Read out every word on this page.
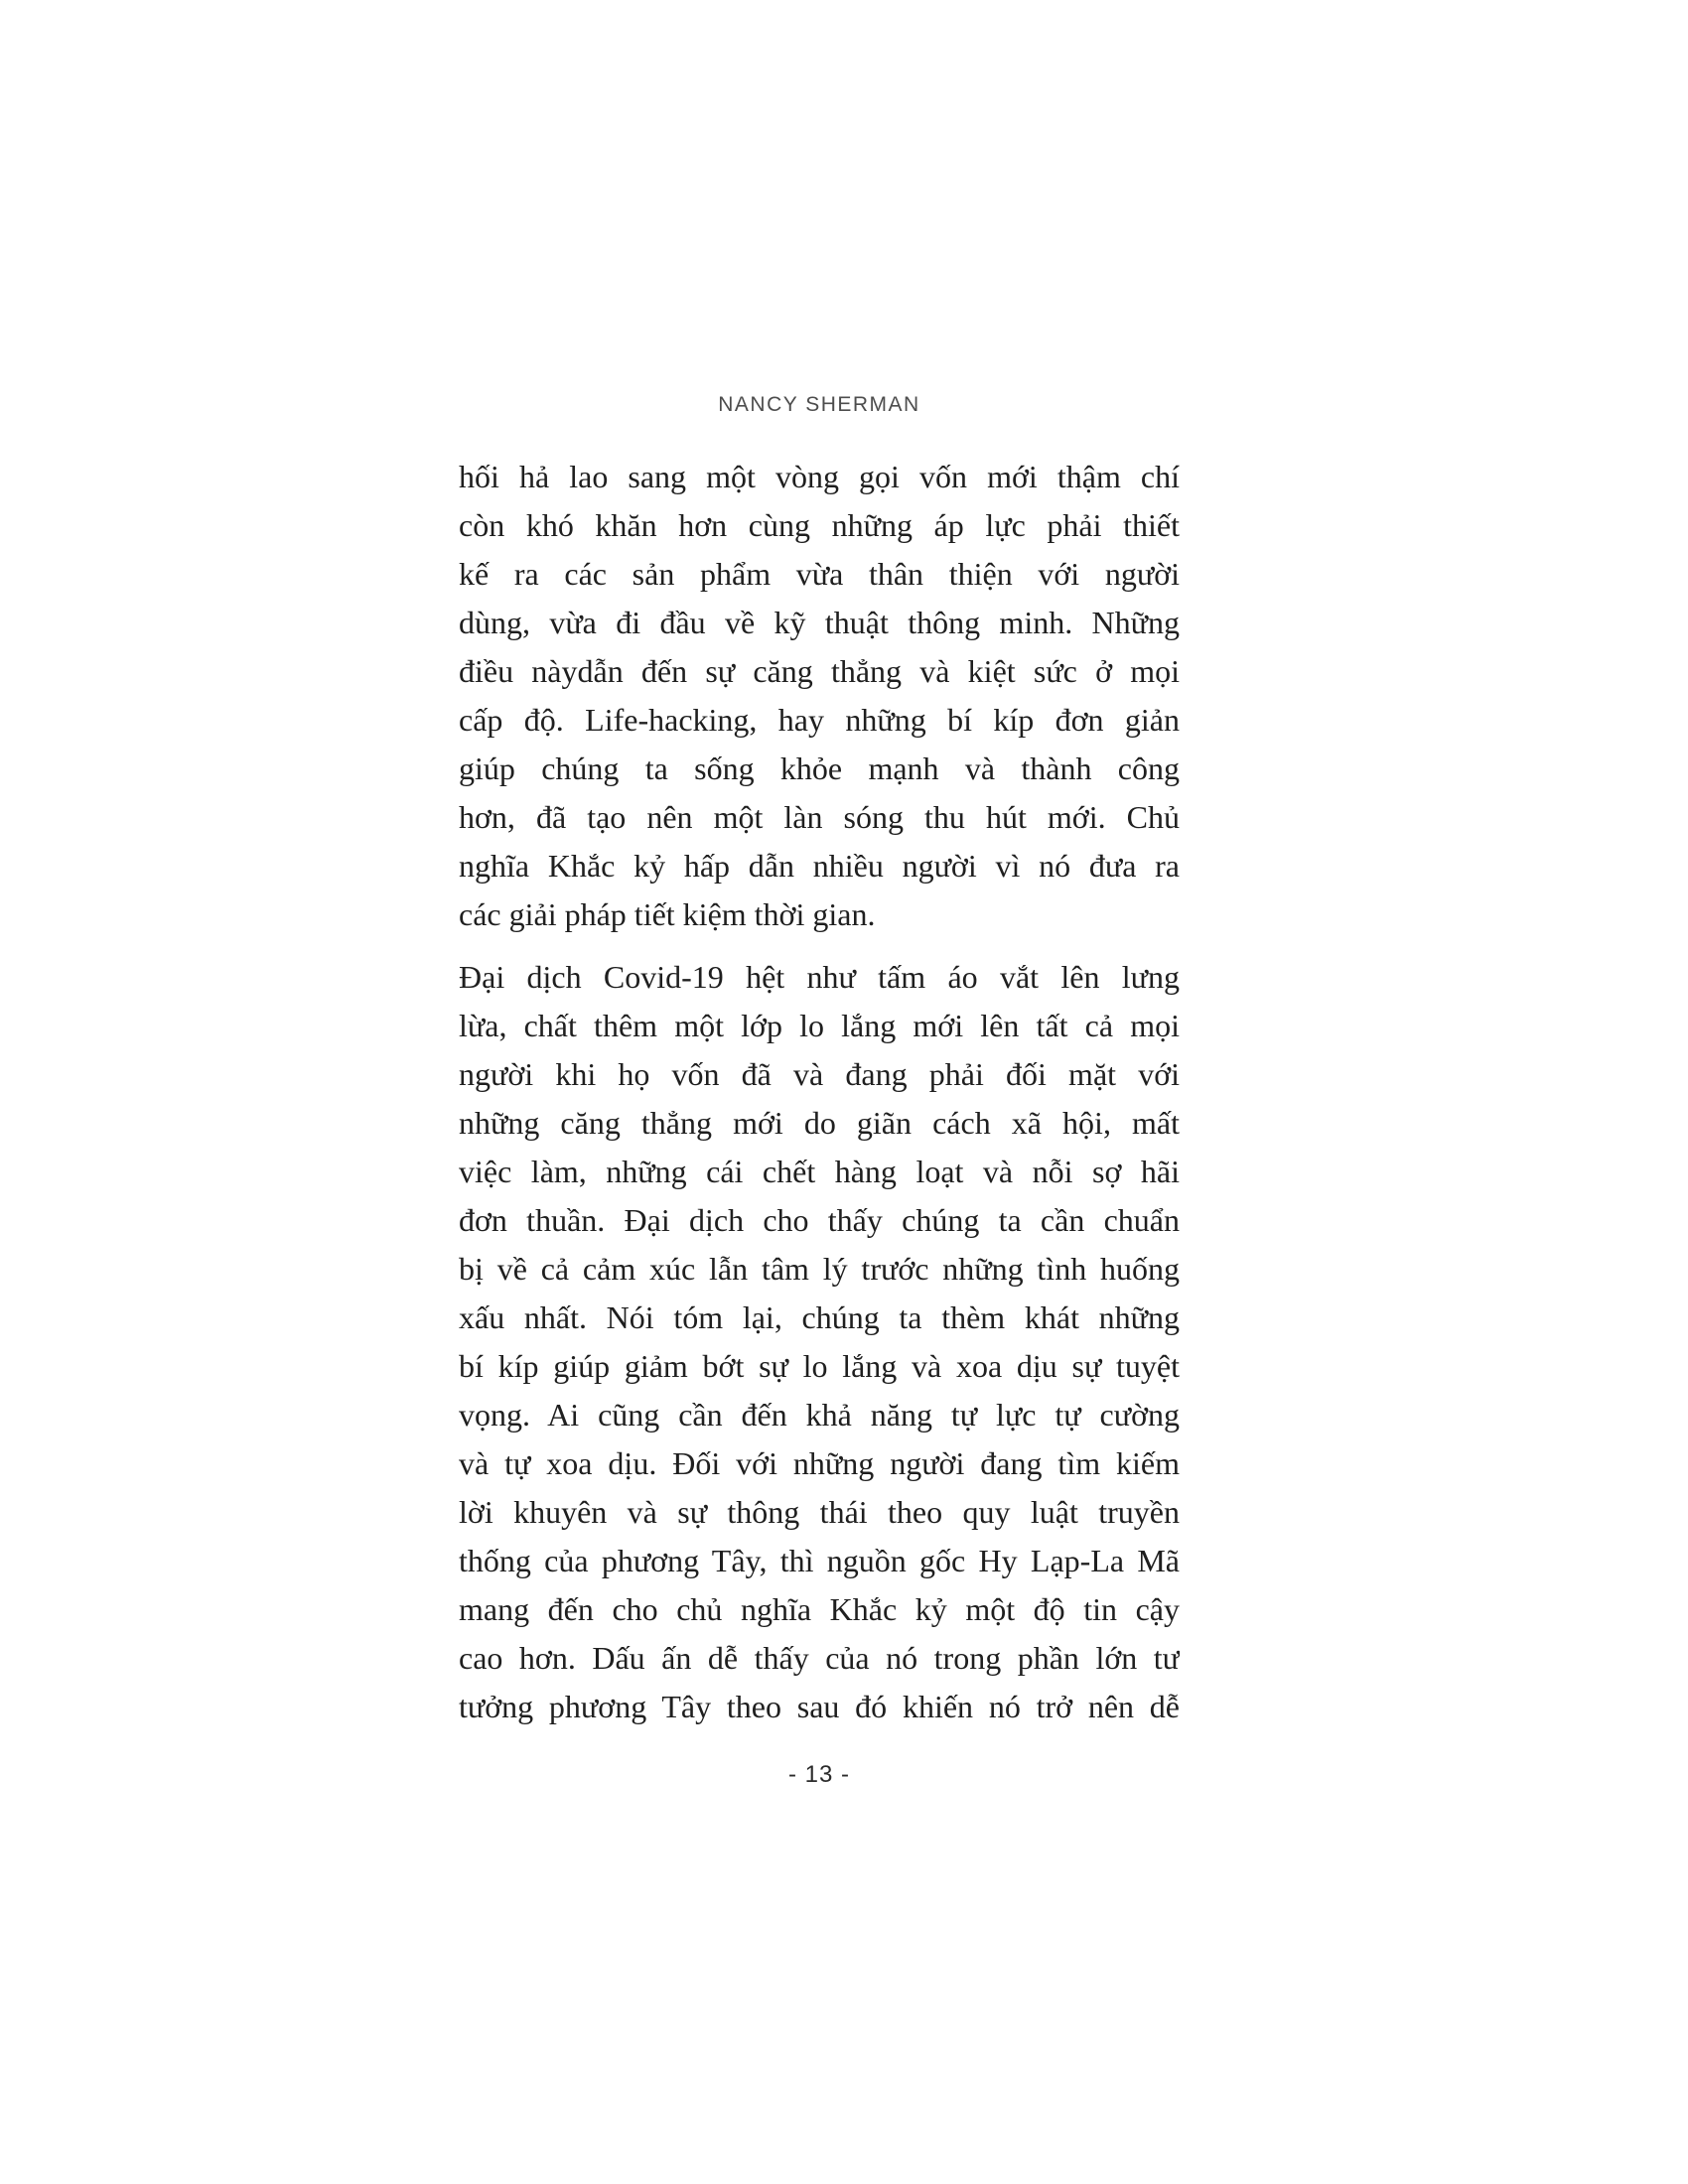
NANCY SHERMAN
hối hả lao sang một vòng gọi vốn mới thậm chí
còn khó khăn hơn cùng những áp lực phải thiết
kế ra các sản phẩm vừa thân thiện với người
dùng, vừa đi đầu về kỹ thuật thông minh. Những
điều nàydẫn đến sự căng thẳng và kiệt sức ở mọi
cấp độ. Life-hacking, hay những bí kíp đơn giản
giúp chúng ta sống khỏe mạnh và thành công
hơn, đã tạo nên một làn sóng thu hút mới. Chủ
nghĩa Khắc kỷ hấp dẫn nhiều người vì nó đưa ra
các giải pháp tiết kiệm thời gian.
Đại dịch Covid-19 hệt như tấm áo vắt lên lưng
lừa, chất thêm một lớp lo lắng mới lên tất cả mọi
người khi họ vốn đã và đang phải đối mặt với
những căng thẳng mới do giãn cách xã hội, mất
việc làm, những cái chết hàng loạt và nỗi sợ hãi
đơn thuần. Đại dịch cho thấy chúng ta cần chuẩn
bị về cả cảm xúc lẫn tâm lý trước những tình huống
xấu nhất. Nói tóm lại, chúng ta thèm khát những
bí kíp giúp giảm bớt sự lo lắng và xoa dịu sự tuyệt
vọng. Ai cũng cần đến khả năng tự lực tự cường
và tự xoa dịu. Đối với những người đang tìm kiếm
lời khuyên và sự thông thái theo quy luật truyền
thống của phương Tây, thì nguồn gốc Hy Lạp-La Mã
mang đến cho chủ nghĩa Khắc kỷ một độ tin cậy
cao hơn. Dấu ấn dễ thấy của nó trong phần lớn tư
tưởng phương Tây theo sau đó khiến nó trở nên dễ
- 13 -
